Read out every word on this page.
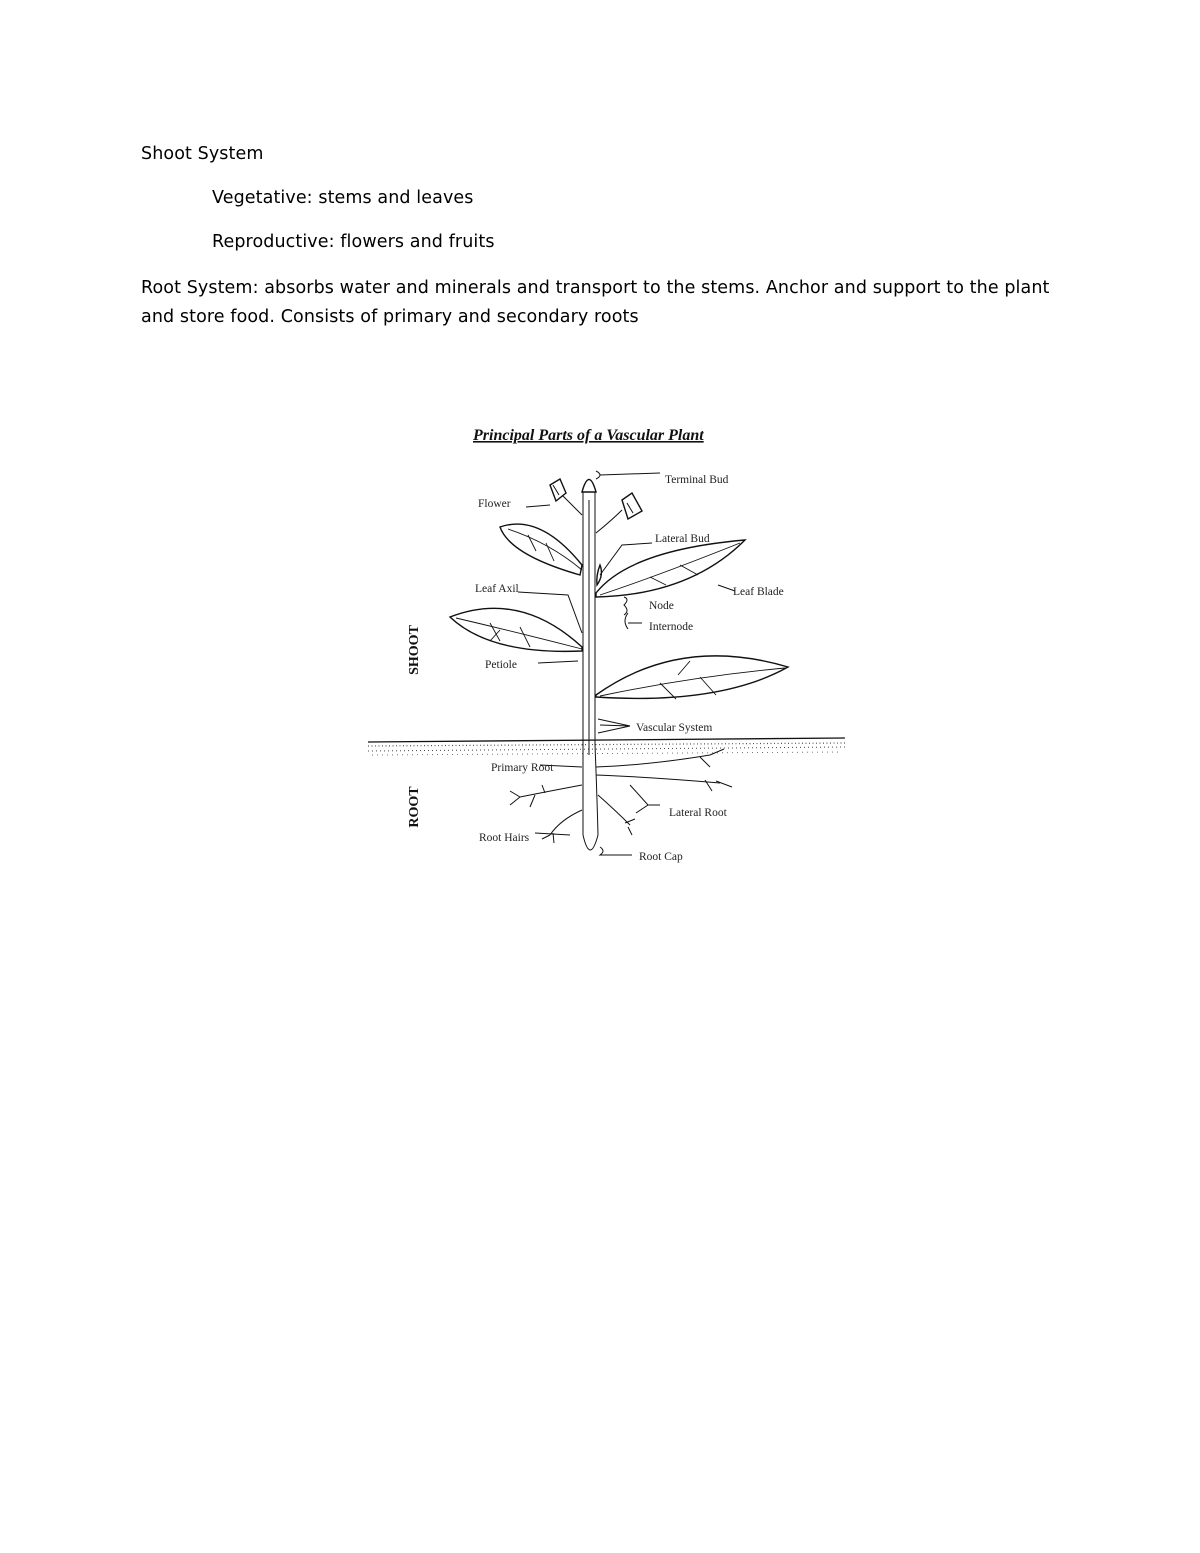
Shoot System
Vegetative: stems and leaves
Reproductive: flowers and fruits
Root System: absorbs water and minerals and transport to the stems. Anchor and support to the plant
and store food. Consists of primary and secondary roots
Principal Parts of a Vascular Plant
SHOOT
ROOT
Terminal Bud
Flower
Lateral Bud
Leaf Blade
Leaf Axil
Node
Internode
Petiole
Vascular System
Primary Root
Lateral Root
Root Hairs
Root Cap
